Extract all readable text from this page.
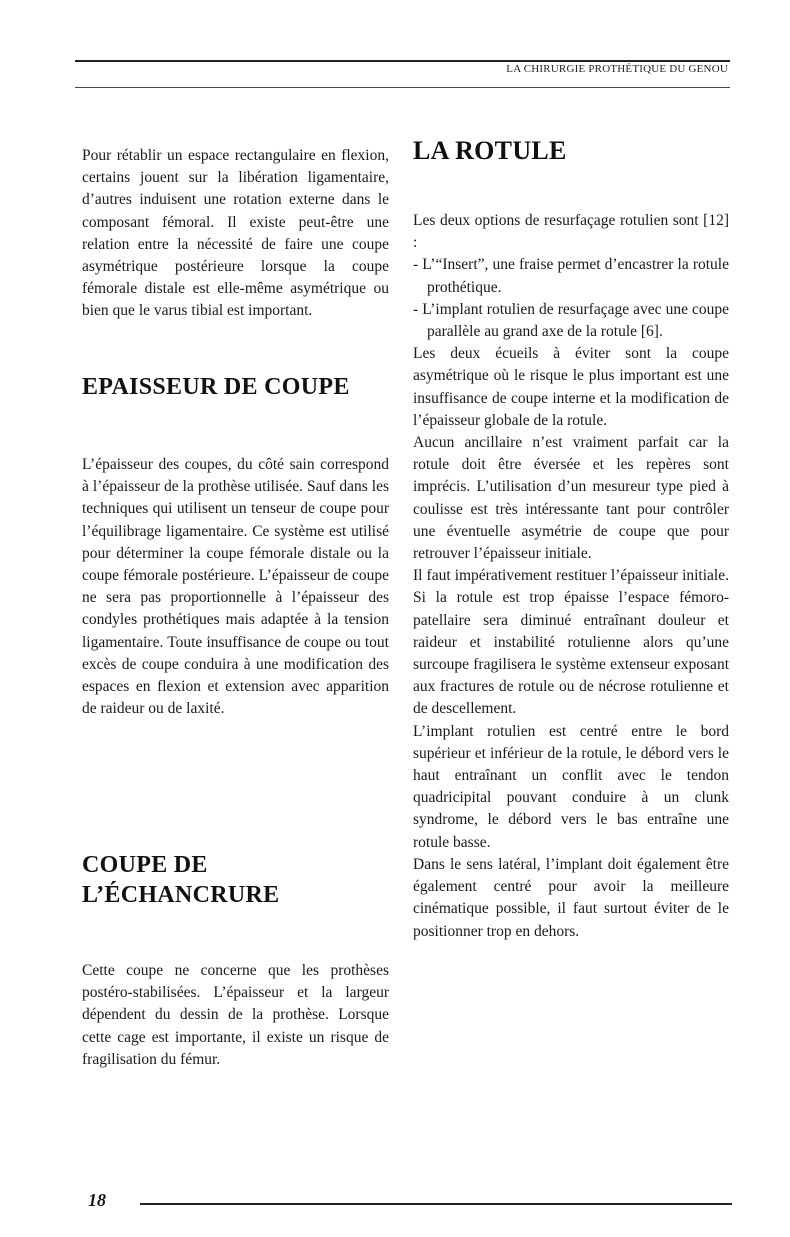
LA CHIRURGIE PROTHÉTIQUE DU GENOU

Pour rétablir un espace rectangulaire en flexion, certains jouent sur la libération ligamentaire, d’autres induisent une rotation externe dans le composant fémoral. Il existe peut-être une relation entre la nécessité de faire une coupe asymétrique postérieure lorsque la coupe fémorale distale est elle-même asymétrique ou bien que le varus tibial est important.

EPAISSEUR DE COUPE

L’épaisseur des coupes, du côté sain correspond à l’épaisseur de la prothèse utilisée. Sauf dans les techniques qui utilisent un tenseur de coupe pour l’équilibrage ligamentaire. Ce système est utilisé pour déterminer la coupe fémorale distale ou la coupe fémorale postérieure. L’épaisseur de coupe ne sera pas proportionnelle à l’épaisseur des condyles prothétiques mais adaptée à la tension ligamentaire. Toute insuffisance de coupe ou tout excès de coupe conduira à une modification des espaces en flexion et extension avec apparition de raideur ou de laxité.

COUPE DE
L’ÉCHANCRURE

Cette coupe ne concerne que les prothèses postéro-stabilisées. L’épaisseur et la largeur dépendent du dessin de la prothèse. Lorsque cette cage est importante, il existe un risque de fragilisation du fémur.

LA ROTULE

Les deux options de resurfaçage rotulien sont [12] :

- L’“Insert”, une fraise permet d’encastrer la rotule prothétique.
- L’implant rotulien de resurfaçage avec une coupe parallèle au grand axe de la rotule [6].

Les deux écueils à éviter sont la coupe asymétrique où le risque le plus important est une insuffisance de coupe interne et la modification de l’épaisseur globale de la rotule.

Aucun ancillaire n’est vraiment parfait car la rotule doit être éversée et les repères sont imprécis. L’utilisation d’un mesureur type pied à coulisse est très intéressante tant pour contrôler une éventuelle asymétrie de coupe que pour retrouver l’épaisseur initiale.

Il faut impérativement restituer l’épaisseur initiale. Si la rotule est trop épaisse l’espace fémoro-patellaire sera diminué entraînant douleur et raideur et instabilité rotulienne alors qu’une surcoupe fragilisera le système extenseur exposant aux fractures de rotule ou de nécrose rotulienne et de descellement.

L’implant rotulien est centré entre le bord supérieur et inférieur de la rotule, le débord vers le haut entraînant un conflit avec le tendon quadricipital pouvant conduire à un clunk syndrome, le débord vers le bas entraîne une rotule basse.

Dans le sens latéral, l’implant doit également être également centré pour avoir la meilleure cinématique possible, il faut surtout éviter de le positionner trop en dehors.

18
